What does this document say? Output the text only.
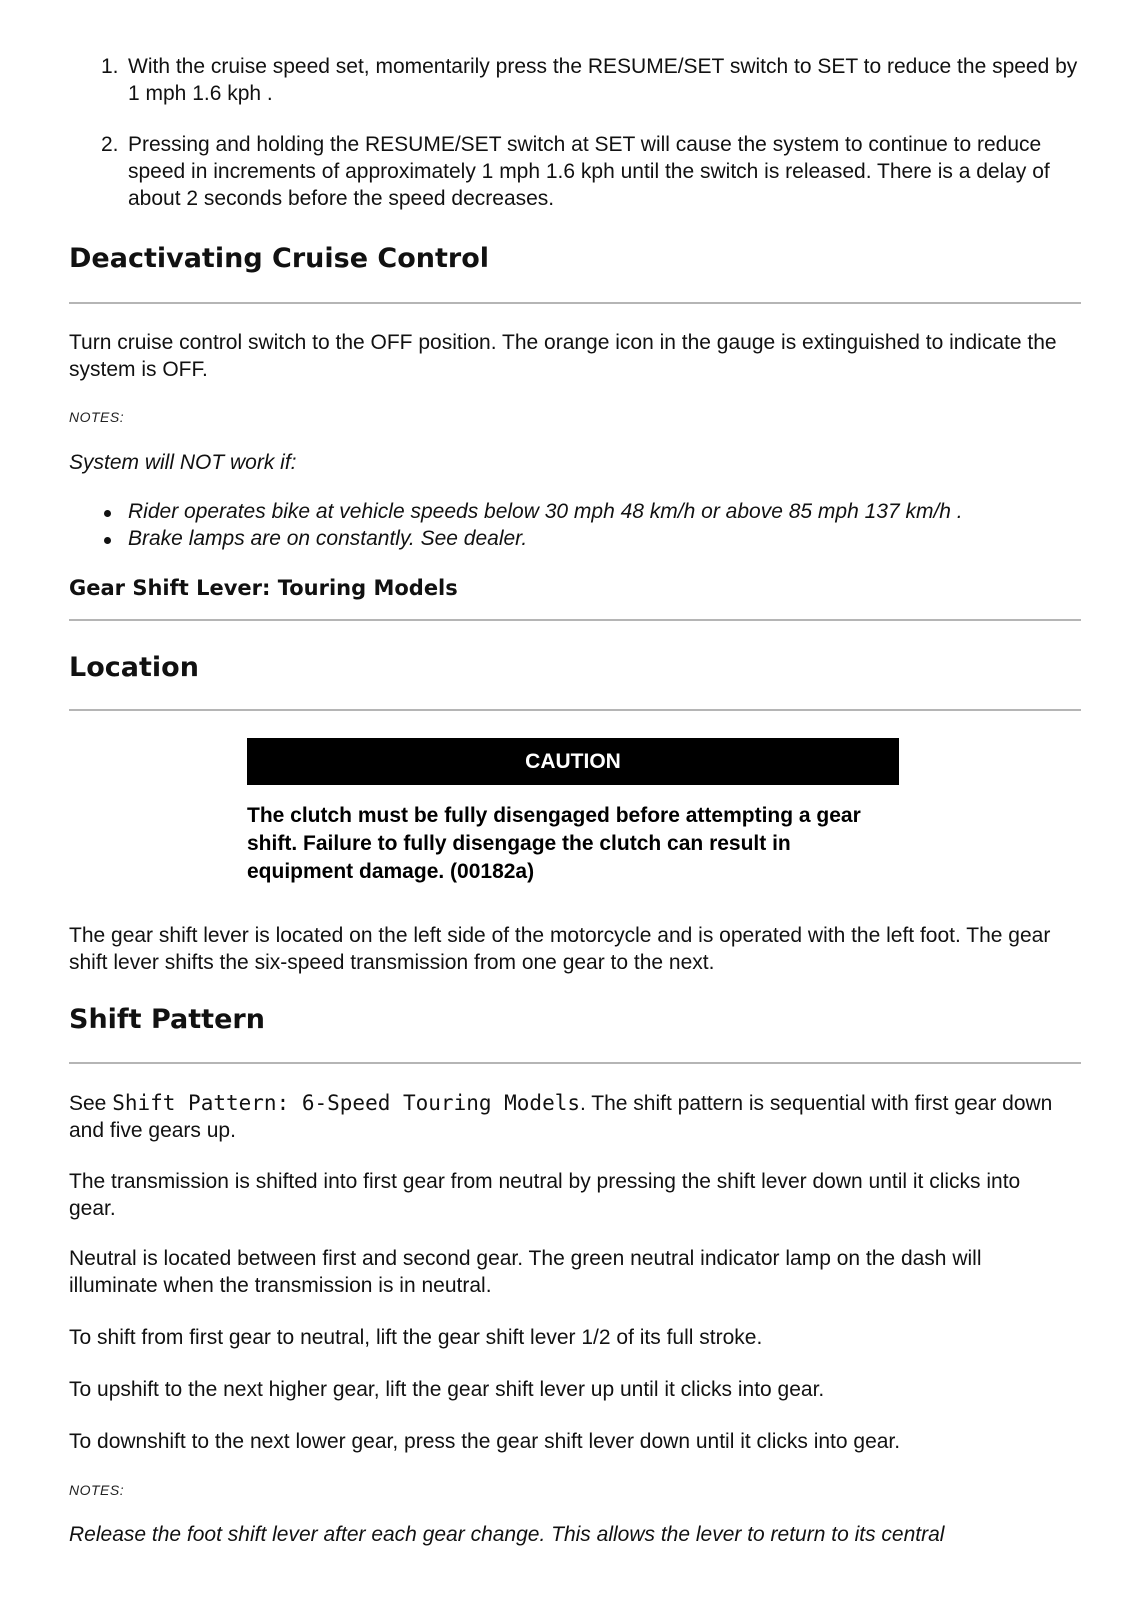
1. With the cruise speed set, momentarily press the RESUME/SET switch to SET to reduce the speed by 1 mph 1.6 kph .
2. Pressing and holding the RESUME/SET switch at SET will cause the system to continue to reduce speed in increments of approximately 1 mph 1.6 kph until the switch is released. There is a delay of about 2 seconds before the speed decreases.
Deactivating Cruise Control

Turn cruise control switch to the OFF position. The orange icon in the gauge is extinguished to indicate the system is OFF.

NOTES:

System will NOT work if:

Rider operates bike at vehicle speeds below 30 mph 48 km/h or above 85 mph 137 km/h .
Brake lamps are on constantly. See dealer.
Gear Shift Lever: Touring Models
Location
CAUTION

The clutch must be fully disengaged before attempting a gear shift. Failure to fully disengage the clutch can result in equipment damage. (00182a)

The gear shift lever is located on the left side of the motorcycle and is operated with the left foot. The gear shift lever shifts the six-speed transmission from one gear to the next.

Shift Pattern

See Shift Pattern: 6-Speed Touring Models. The shift pattern is sequential with first gear down and five gears up.

The transmission is shifted into first gear from neutral by pressing the shift lever down until it clicks into gear.

Neutral is located between first and second gear. The green neutral indicator lamp on the dash will illuminate when the transmission is in neutral.

To shift from first gear to neutral, lift the gear shift lever 1/2 of its full stroke.

To upshift to the next higher gear, lift the gear shift lever up until it clicks into gear.

To downshift to the next lower gear, press the gear shift lever down until it clicks into gear.

NOTES:

Release the foot shift lever after each gear change. This allows the lever to return to its central
